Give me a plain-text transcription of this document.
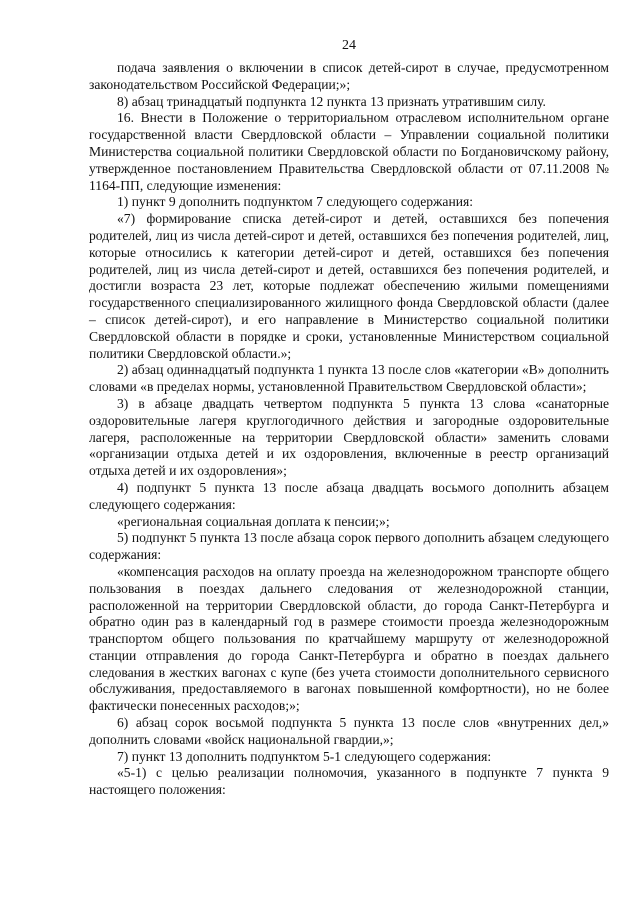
24

подача заявления о включении в список детей-сирот в случае, предусмотренном законодательством Российской Федерации;»;

8) абзац тринадцатый подпункта 12 пункта 13 признать утратившим силу.

16. Внести в Положение о территориальном отраслевом исполнительном органе государственной власти Свердловской области – Управлении социальной политики Министерства социальной политики Свердловской области по Богдановичскому району, утвержденное постановлением Правительства Свердловской области от 07.11.2008 № 1164-ПП, следующие изменения:

1) пункт 9 дополнить подпунктом 7 следующего содержания:

«7) формирование списка детей-сирот и детей, оставшихся без попечения родителей, лиц из числа детей-сирот и детей, оставшихся без попечения родителей, лиц, которые относились к категории детей-сирот и детей, оставшихся без попечения родителей, лиц из числа детей-сирот и детей, оставшихся без попечения родителей, и достигли возраста 23 лет, которые подлежат обеспечению жилыми помещениями государственного специализированного жилищного фонда Свердловской области (далее – список детей-сирот), и его направление в Министерство социальной политики Свердловской области в порядке и сроки, установленные Министерством социальной политики Свердловской области.»;

2) абзац одиннадцатый подпункта 1 пункта 13 после слов «категории «В» дополнить словами «в пределах нормы, установленной Правительством Свердловской области»;

3) в абзаце двадцать четвертом подпункта 5 пункта 13 слова «санаторные оздоровительные лагеря круглогодичного действия и загородные оздоровительные лагеря, расположенные на территории Свердловской области» заменить словами «организации отдыха детей и их оздоровления, включенные в реестр организаций отдыха детей и их оздоровления»;

4) подпункт 5 пункта 13 после абзаца двадцать восьмого дополнить абзацем следующего содержания:

«региональная социальная доплата к пенсии;»;

5) подпункт 5 пункта 13 после абзаца сорок первого дополнить абзацем следующего содержания:

«компенсация расходов на оплату проезда на железнодорожном транспорте общего пользования в поездах дальнего следования от железнодорожной станции, расположенной на территории Свердловской области, до города Санкт-Петербурга и обратно один раз в календарный год в размере стоимости проезда железнодорожным транспортом общего пользования по кратчайшему маршруту от железнодорожной станции отправления до города Санкт-Петербурга и обратно в поездах дальнего следования в жестких вагонах с купе (без учета стоимости дополнительного сервисного обслуживания, предоставляемого в вагонах повышенной комфортности), но не более фактически понесенных расходов;»;

6) абзац сорок восьмой подпункта 5 пункта 13 после слов «внутренних дел,» дополнить словами «войск национальной гвардии,»;

7) пункт 13 дополнить подпунктом 5-1 следующего содержания:

«5-1) с целью реализации полномочия, указанного в подпункте 7 пункта 9 настоящего положения:
